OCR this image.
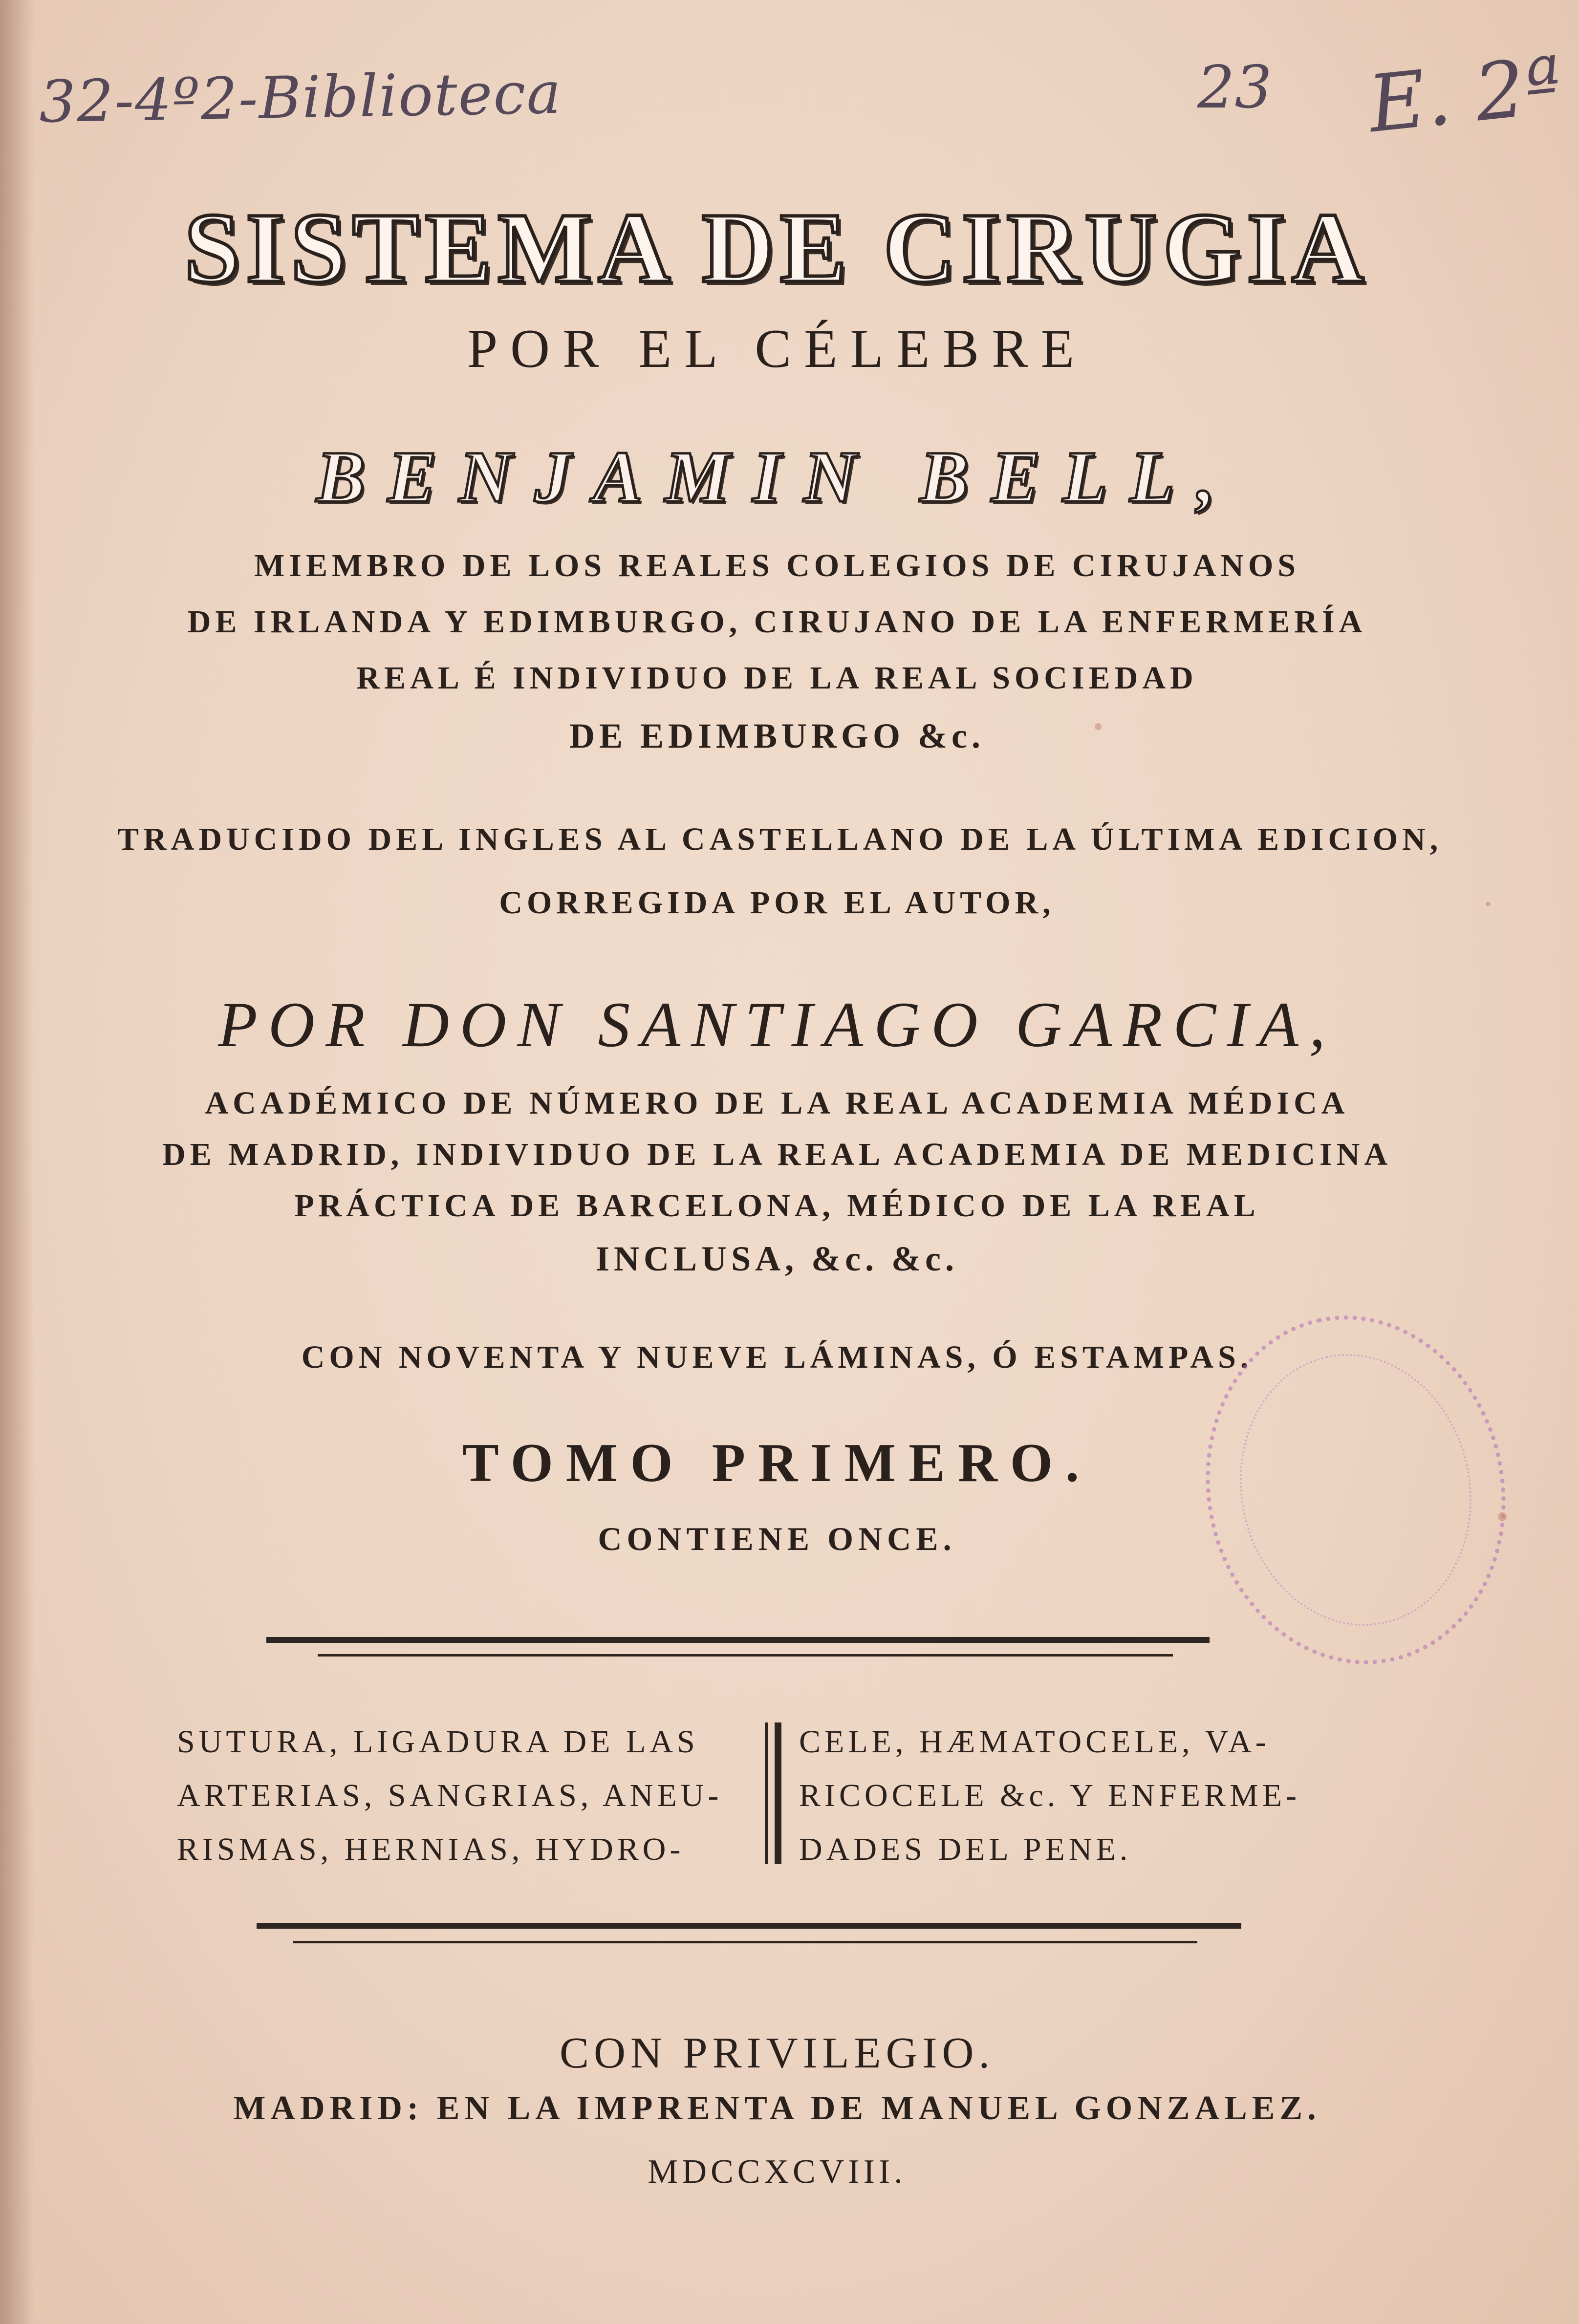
32-4º2-Biblioteca	23 E. 2ª
SISTEMA DE CIRUGIA

POR EL CÉLEBRE

BENJAMIN BELL,

MIEMBRO DE LOS REALES COLEGIOS DE CIRUJANOS

DE IRLANDA Y EDIMBURGO, CIRUJANO DE LA ENFERMERÍA

REAL É INDIVIDUO DE LA REAL SOCIEDAD

DE EDIMBURGO &c.

TRADUCIDO DEL INGLES AL CASTELLANO DE LA ÚLTIMA EDICION,

CORREGIDA POR EL AUTOR,

POR DON SANTIAGO GARCIA,

ACADÉMICO DE NÚMERO DE LA REAL ACADEMIA MÉDICA

DE MADRID, INDIVIDUO DE LA REAL ACADEMIA DE MEDICINA

PRÁCTICA DE BARCELONA, MÉDICO DE LA REAL

INCLUSA, &c. &c.

CON NOVENTA Y NUEVE LÁMINAS, Ó ESTAMPAS.

TOMO PRIMERO.

CONTIENE ONCE.

SUTURA, LIGADURA DE LAS

ARTERIAS, SANGRIAS, ANEU-

RISMAS, HERNIAS, HYDRO-

CELE, HÆMATOCELE, VA-

RICOCELE &c. Y ENFERME-

DADES DEL PENE.

CON PRIVILEGIO.

MADRID: EN LA IMPRENTA DE MANUEL GONZALEZ.

MDCCXCVIII.
